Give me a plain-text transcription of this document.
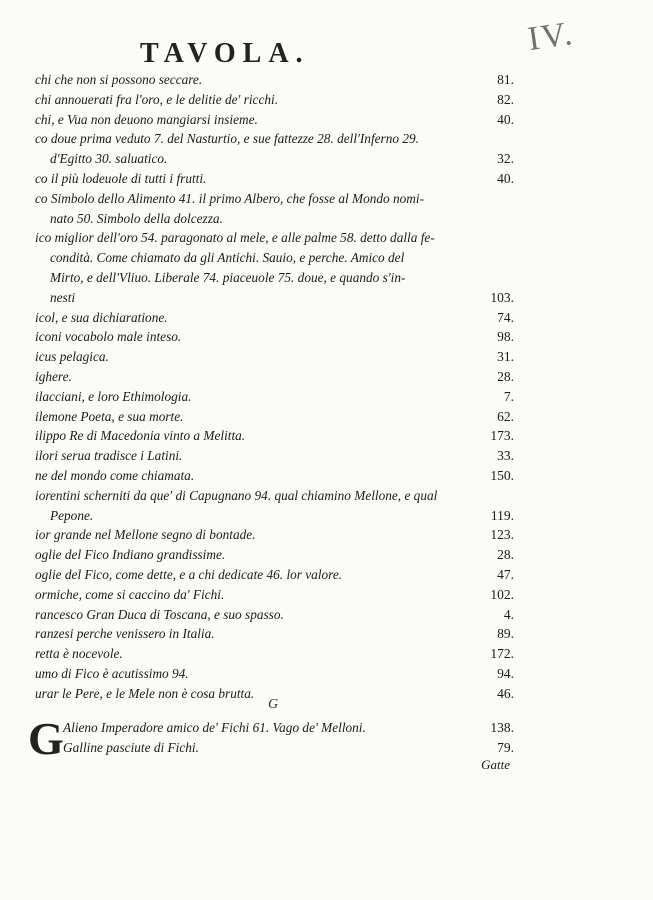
IV.
TAVOLA.
chi che non si possono seccare.	81.
chi annouerati fra l'oro, e le delitie de' ricchi.	82.
chi, e Vua non deuono mangiarsi insieme.	40.
co doue prima veduto 7. del Nasturtio, e sue fattezze 28. dell'Inferno 29.
d'Egitto 30. saluatico.	32.
co il più lodeuole di tutti i frutti.	40.
co Simbolo dello Alimento 41. il primo Albero, che fosse al Mondo nomi-
nato 50. Simbolo della dolcezza.
ico miglior dell'oro 54. paragonato al mele, e alle palme 58. detto dalla fe-
condità. Come chiamato da gli Antichi. Sauio, e perche. Amico del
Mirto, e dell'Vliuo. Liberale 74. piaceuole 75. doue, e quando s'in-
nesti	103.
icol, e sua dichiaratione.	74.
iconi vocabolo male inteso.	98.
icus pelagica.	31.
ighere.	28.
ilacciani, e loro Ethimologia.	7.
ilemone Poeta, e sua morte.	62.
ilippo Re di Macedonia vinto a Melitta.	173.
ilori serua tradisce i Latini.	33.
ne del mondo come chiamata.	150.
iorentini scherniti da que' di Capugnano 94. qual chiamino Mellone, e qual
Pepone.	119.
ior grande nel Mellone segno di bontade.	123.
oglie del Fico Indiano grandissime.	28.
oglie del Fico, come dette, e a chi dedicate 46. lor valore.	47.
ormiche, come si caccino da' Fichi.	102.
rancesco Gran Duca di Toscana, e suo spasso.	4.
ranzesi perche venissero in Italia.	89.
retta è nocevole.	172.
umo di Fico è acutissimo 94.	94.
urar le Pere, e le Mele non è cosa brutta.	46.
G
G Alieno Imperadore amico de' Fichi 61. Vago de' Melloni.	138.
Galline pasciute di Fichi.	79.
Gatte
